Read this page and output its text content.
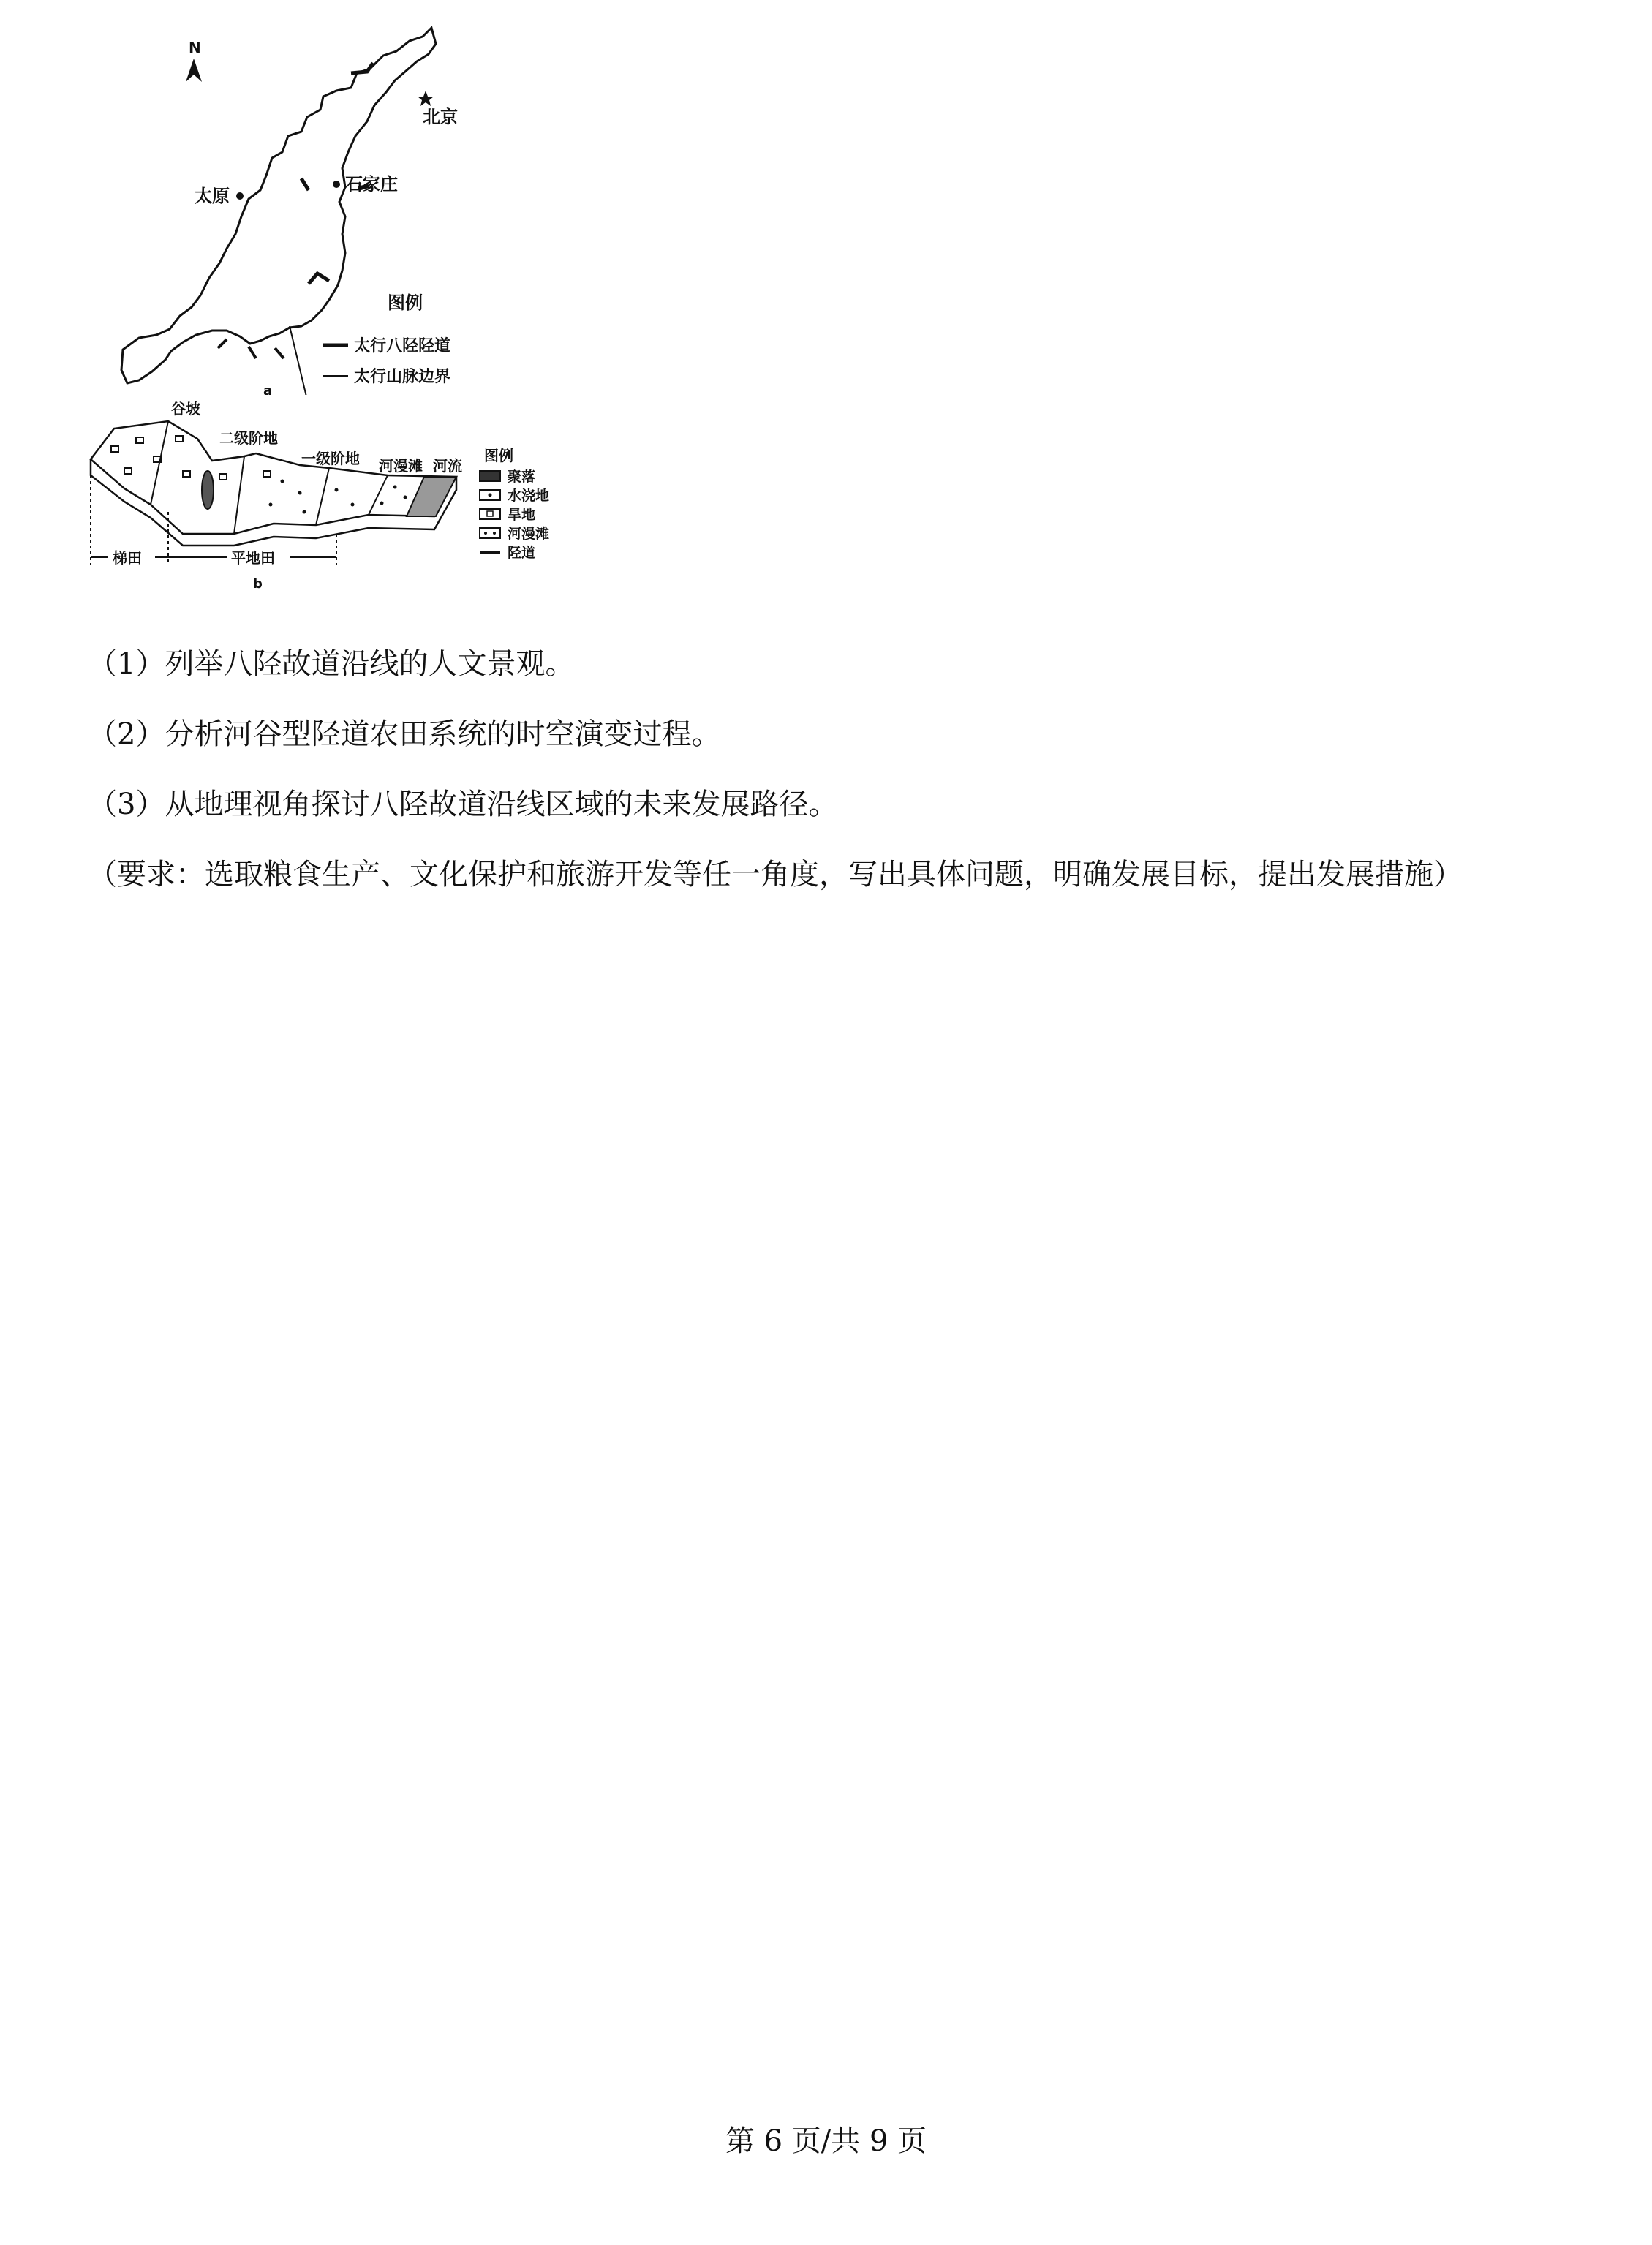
N
北京
石家庄
太原
图例
太行八陉陉道
太行山脉边界
a
谷坡
二级阶地
一级阶地 河漫滩 河流
梯田	平地田
b
图例
聚落
水浇地
旱地
河漫滩
陉道
（1）列举八陉故道沿线的人文景观。
（2）分析河谷型陉道农田系统的时空演变过程。
（3）从地理视角探讨八陉故道沿线区域的未来发展路径。
（要求：选取粮食生产、文化保护和旅游开发等任一角度，写出具体问题，明确发展目标，提出发展措施）
第 6 页/共 9 页
